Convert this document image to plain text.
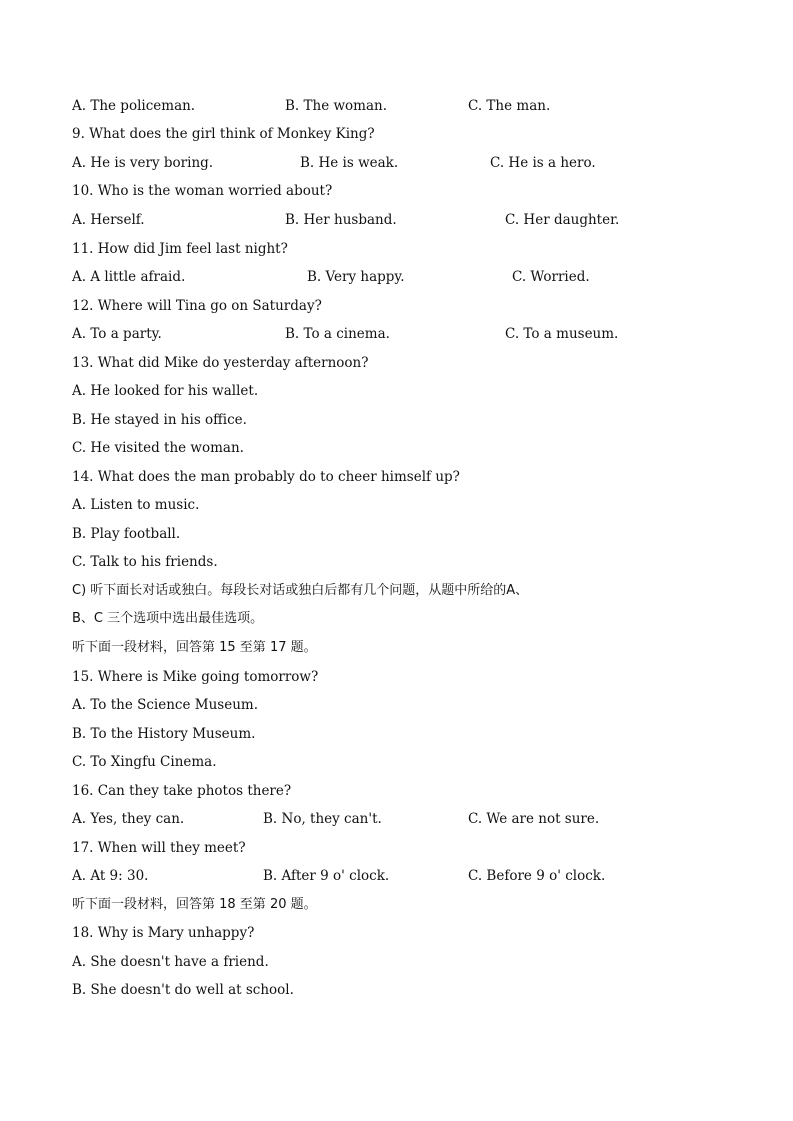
A. The policeman.	B. The woman.	C. The man.
9. What does the girl think of Monkey King?
A. He is very boring.	B. He is weak.	C. He is a hero.
10. Who is the woman worried about?
A. Herself.	B. Her husband.	C. Her daughter.
11. How did Jim feel last night?
A. A little afraid.	B. Very happy.	C. Worried.
12. Where will Tina go on Saturday?
A. To a party.	B. To a cinema.	C. To a museum.
13. What did Mike do yesterday afternoon?
A. He looked for his wallet.
B. He stayed in his office.
C. He visited the woman.
14. What does the man probably do to cheer himself up?
A. Listen to music.
B. Play football.
C. Talk to his friends.
C) 听下面长对话或独白。每段长对话或独白后都有几个问题，从题中所给的A、
B、C 三个选项中选出最佳选项。
听下面一段材料，回答第 15 至第 17 题。
15. Where is Mike going tomorrow?
A. To the Science Museum.
B. To the History Museum.
C. To Xingfu Cinema.
16. Can they take photos there?
A. Yes, they can.	B. No, they can't.	C. We are not sure.
17. When will they meet?
A. At 9: 30.	B. After 9 o' clock.	C. Before 9 o' clock.
听下面一段材料，回答第 18 至第 20 题。
18. Why is Mary unhappy?
A. She doesn't have a friend.
B. She doesn't do well at school.
